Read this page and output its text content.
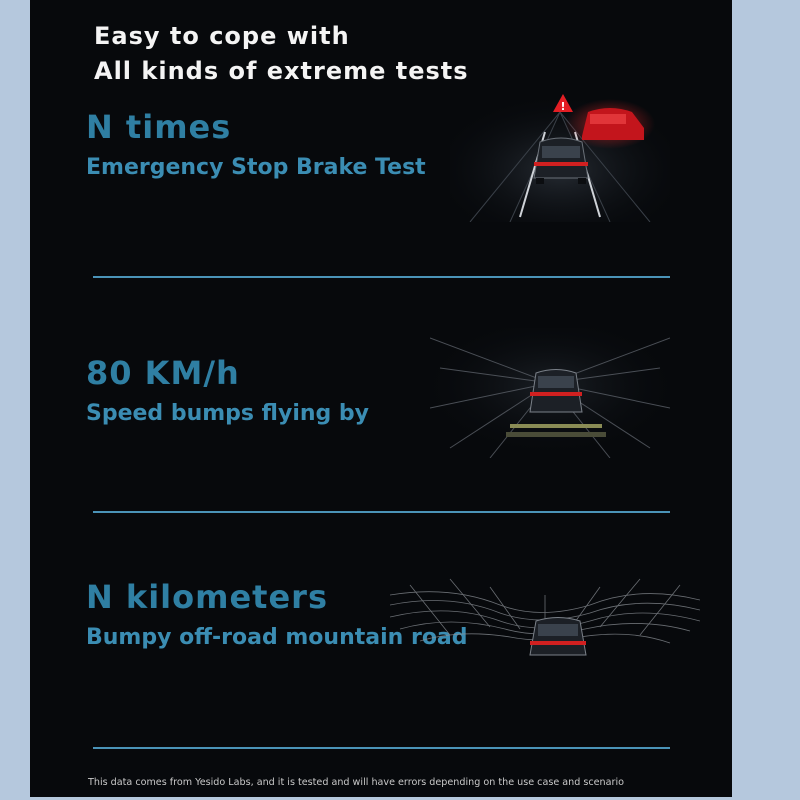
Easy to cope with
All kinds of extreme tests
N times
Emergency Stop Brake Test
!
80 KM/h
Speed bumps flying by
N kilometers
Bumpy off-road mountain road
This data comes from Yesido Labs, and it is tested and will have errors depending on the use case and scenario
